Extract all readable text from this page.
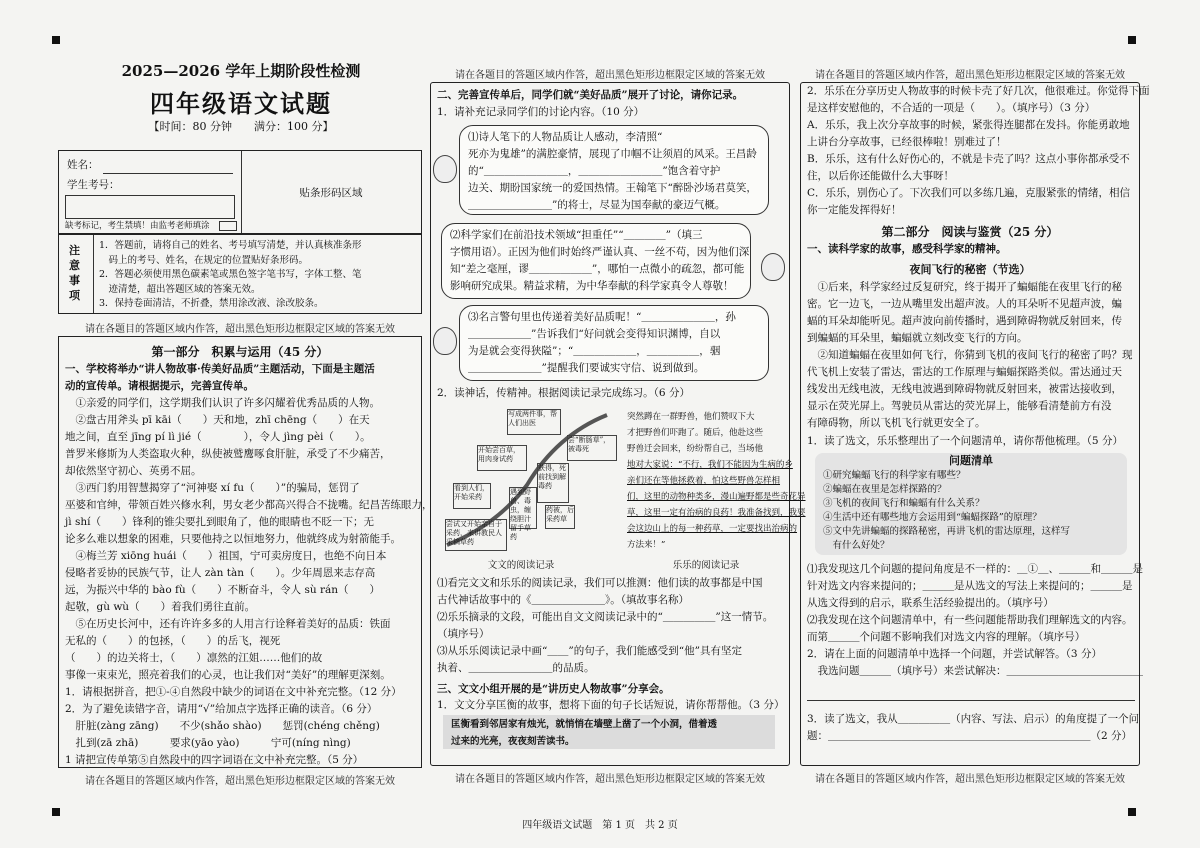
2025—2026 学年上期阶段性检测
四年级语文试题
【时间：80 分钟　　满分：100 分】
姓名：
学生考号：
缺考标记，考生禁填！由监考老师填涂
贴条形码区域
注意事项
1．答题前，请将自己的姓名、考号填写清楚，并认真核准条形
　码上的考号、姓名，在规定的位置贴好条形码。
2．答题必须使用黑色碳素笔或黑色签字笔书写，字体工整、笔
　迹清楚，超出答题区域的答案无效。
3．保持卷面清洁，不折叠，禁用涂改液、涂改胶条。
请在各题目的答题区域内作答，超出黑色矩形边框限定区域的答案无效
第一部分　积累与运用（45 分）
一、学校将举办“讲人物故事·传美好品质”主题活动，下面是主题活
动的宣传单。请根据提示，完善宣传单。
　①亲爱的同学们，这学期我们认识了许多闪耀着优秀品质的人物。
　②盘古用斧头 pī kāi（　　）天和地，zhī chēng（　　）在天
地之间，直至 jīng pí lì jié（　　　　），令人 jìng pèi（　　）。
普罗米修斯为人类盗取火种，纵使被鹫鹰啄食肝脏，承受了不少痛苦，
却依然坚守初心、英勇不屈。
　③西门豹用智慧揭穿了“河神娶 xí fu（　　）”的骗局，惩罚了
巫婆和官绅，带领百姓兴修水利，男女老少都高兴得合不拢嘴。纪昌苦练眼力，
jì shí（　　）锋利的锥尖要扎到眼角了，他的眼睛也不眨一下；无
论多么难以想象的困难，只要他持之以恒地努力，他就终成为射箭能手。
　④梅兰芳 xiōng huái（　　）祖国，宁可卖房度日，也绝不向日本
侵略者妥协的民族气节，让人 zàn tàn（　　）。少年周恩来志存高
远，为振兴中华的 bào fù（　　）不断奋斗，令人 sù rán（　　）
起敬，gù wù（　　）着我们勇往直前。
　⑤在历史长河中，还有许许多多的人用言行诠释着美好的品质：铁面
无私的（　　）的包拯，（　　）的岳飞，视死
（　　）的边关将士，（　　）凛然的江姐……他们的故
事像一束束光，照亮着我们的心灵，也让我们对“美好”的理解更深刻。
1．请根据拼音，把①-④自然段中缺少的词语在文中补充完整。（12 分）
2．为了避免读错字音，请用“√”给加点字选择正确的读音。（6 分）
　肝脏(zàng zāng)　　不少(shǎo shào)　　惩罚(chéng chěng)
　扎到(zā zhā)　　　要求(yāo yào)　　　宁可(níng nìng)
1 请把宣传单第⑤自然段中的四字词语在文中补充完整。（5 分）
请在各题目的答题区域内作答，超出黑色矩形边框限定区域的答案无效
请在各题目的答题区域内作答，超出黑色矩形边框限定区域的答案无效
二、完善宣传单后，同学们就“美好品质”展开了讨论，请你记录。
1．请补充记录同学们的讨论内容。（10 分）
⑴诗人笔下的人物品质让人感动，李清照“
死亦为鬼雄”的满腔豪情，展现了巾帼不让须眉的风采。王昌龄
的“＿＿＿＿＿＿＿＿，＿＿＿＿＿＿＿＿”饱含着守护
边关、期盼国家统一的爱国热情。王翰笔下“醉卧沙场君莫笑，
＿＿＿＿＿＿＿＿”的将士，尽显为国奉献的豪迈气概。
⑵科学家们在前沿技术领域“担重任”“＿＿＿＿”（填三
字惯用语）。正因为他们时始终严谨认真、一丝不苟，因为他们深
知“差之毫厘，谬＿＿＿＿＿＿”，哪怕一点微小的疏忽，都可能
影响研究成果。精益求精，为中华奉献的科学家真令人尊敬！
⑶名言警句里也传递着美好品质呢！“＿＿＿＿＿＿＿，孙
＿＿＿＿＿＿”告诉我们“好问就会变得知识渊博，自以
为是就会变得狭隘”；“＿＿＿＿＿＿，＿＿＿＿＿，骃
＿＿＿＿＿＿＿”提醒我们要诚实守信、说到做到。
2．读神话，传精神。根据阅读记录完成练习。（6 分）
写成两件事，帮人们出医
尝“断肠草”，被毒死
开始尝百草，用肉身试药
获得，死前找到解毒药
看到人们，开始采药
遇到野兽、毒虫，缠绕胆汁留手草药
药被，后采药草
尝试又开始亲自于采药，来讲教民人采摘草药
突然蹲在一群野兽，他们赞叹下大
才把野兽们吓跑了。随后，他赴这些
野兽迁会回来，纷纷帮自己，当场他
地对大家说：“不行，我们不能因为生病的乡
亲们还在等他拯救着，怕这些野兽怎样相
们，这里的动物种类多，漫山遍野都是些奇花异
草，这里一定有治病的良药！我准备找到，我要
会这边山上的每一种药草，一定要找出治病的
方法来！”
文文的阅读记录	乐乐的阅读记录
⑴看完文文和乐乐的阅读记录，我们可以推测：他们读的故事都是中国
古代神话故事中的《＿＿＿＿＿＿＿》。（填故事名称）
⑵乐乐摘录的文段，可能出自文文阅读记录中的“＿＿＿＿＿”这一情节。
（填序号）
⑶从乐乐阅读记录中画“＿＿”的句子，我们能感受到“他”具有坚定
执着、＿＿＿＿＿＿＿＿的品质。
三、文文小组开展的是“讲历史人物故事”分享会。
1．文文分享匡衡的故事，想将下面的句子长话短说，请你帮帮他。（3 分）
匡衡看到邻居家有烛光，就悄悄在墙壁上凿了一个小洞，借着透
过来的光亮，夜夜刻苦读书。
请在各题目的答题区域内作答，超出黑色矩形边框限定区域的答案无效
请在各题目的答题区域内作答，超出黑色矩形边框限定区域的答案无效
2．乐乐在分享历史人物故事的时候卡壳了好几次，他很难过。你觉得下面
是这样安慰他的，不合适的一项是（　　）。（填序号）（3 分）
A．乐乐，我上次分享故事的时候，紧张得连腿都在发抖。你能勇敢地
上讲台分享故事，已经很棒啦！别难过了！
B．乐乐，这有什么好伤心的，不就是卡壳了吗？这点小事你都承受不
住，以后你还能做什么大事呀！
C．乐乐，别伤心了。下次我们可以多练几遍，克服紧张的情绪，相信
你一定能发挥得好！
第二部分　阅读与鉴赏（25 分）
一、读科学家的故事，感受科学家的精神。
夜间飞行的秘密（节选）
　①后来，科学家经过反复研究，终于揭开了蝙蝠能在夜里飞行的秘
密。它一边飞，一边从嘴里发出超声波。人的耳朵听不见超声波，蝙
蝠的耳朵却能听见。超声波向前传播时，遇到障碍物就反射回来，传
到蝙蝠的耳朵里，蝙蝠就立刻改变飞行的方向。
　②知道蝙蝠在夜里如何飞行，你猜到飞机的夜间飞行的秘密了吗？现
代飞机上安装了雷达，雷达的工作原理与蝙蝠探路类似。雷达通过天
线发出无线电波，无线电波遇到障碍物就反射回来，被雷达接收到，
显示在荧光屏上。驾驶员从雷达的荧光屏上，能够看清楚前方有没
有障碍物，所以飞机飞行就更安全了。
1．读了选文，乐乐整理出了一个问题清单，请你帮他梳理。（5 分）
问题清单
①研究蝙蝠飞行的科学家有哪些？
②蝙蝠在夜里是怎样探路的？
③飞机的夜间飞行和蝙蝠有什么关系？
④生活中还有哪些地方会运用到“蝙蝠探路”的原理？
⑤文中先讲蝙蝠的探路秘密，再讲飞机的雷达原理，这样写
　有什么好处？
⑴我发现这几个问题的提问角度是不一样的：＿①＿、＿＿＿和＿＿＿是
针对选文内容来提问的；＿＿＿是从选文的写法上来提问的；＿＿＿是
从选文得到的启示，联系生活经验提出的。（填序号）
⑵我发现在这个问题清单中，有一些问题能帮助我们理解选文的内容。
而第＿＿＿个问题不影响我们对选文内容的理解。（填序号）
2．请在上面的问题清单中选择一个问题，并尝试解答。（3 分）
　我选问题＿＿＿（填序号）来尝试解决：＿＿＿＿＿＿＿＿＿＿＿＿＿
3．读了选文，我从＿＿＿＿＿（内容、写法、启示）的角度提了一个问
题：＿＿＿＿＿＿＿＿＿＿＿＿＿＿＿＿＿＿＿＿＿＿＿＿＿（2 分）
请在各题目的答题区域内作答，超出黑色矩形边框限定区域的答案无效
四年级语文试题　第 1 页　共 2 页
